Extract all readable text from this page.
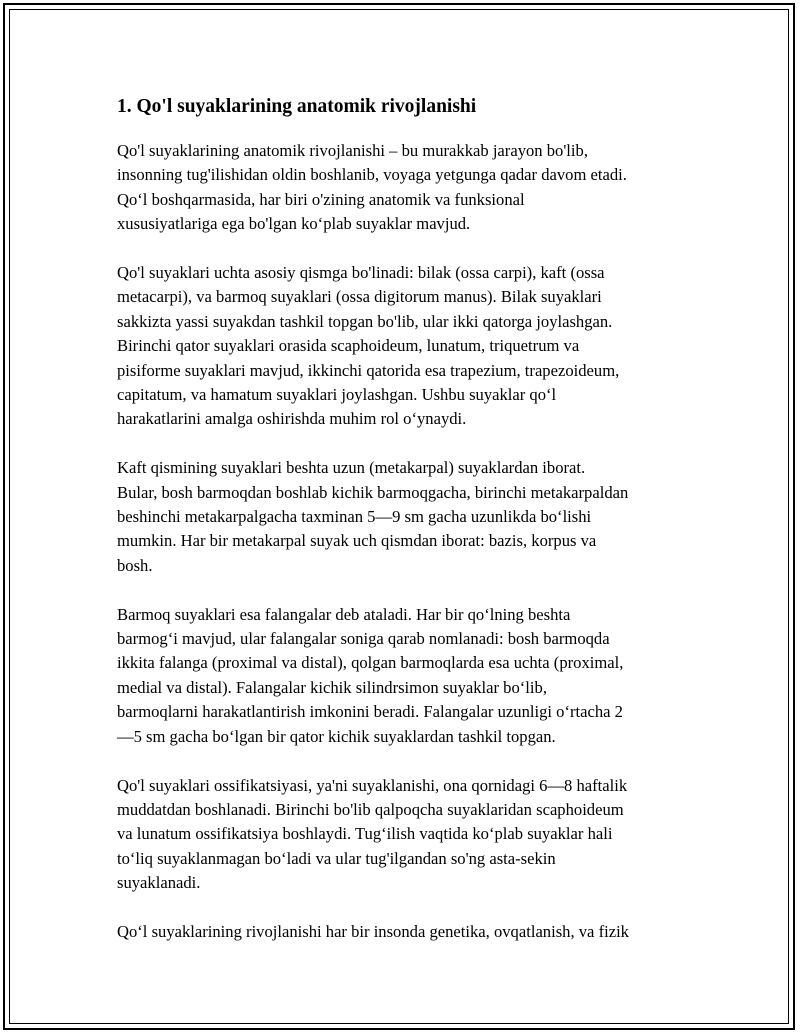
1. Qo'l suyaklarining anatomik rivojlanishi

Qo'l suyaklarining anatomik rivojlanishi – bu murakkab jarayon bo'lib,
insonning tug'ilishidan oldin boshlanib, voyaga yetgunga qadar davom etadi.
Qo‘l boshqarmasida, har biri o'zining anatomik va funksional
xususiyatlariga ega bo'lgan ko‘plab suyaklar mavjud.

Qo'l suyaklari uchta asosiy qismga bo'linadi: bilak (ossa carpi), kaft (ossa
metacarpi), va barmoq suyaklari (ossa digitorum manus). Bilak suyaklari
sakkizta yassi suyakdan tashkil topgan bo'lib, ular ikki qatorga joylashgan.
Birinchi qator suyaklari orasida scaphoideum, lunatum, triquetrum va
pisiforme suyaklari mavjud, ikkinchi qatorida esa trapezium, trapezoideum,
capitatum, va hamatum suyaklari joylashgan. Ushbu suyaklar qo‘l
harakatlarini amalga oshirishda muhim rol o‘ynaydi.

Kaft qismining suyaklari beshta uzun (metakarpal) suyaklardan iborat.
Bular, bosh barmoqdan boshlab kichik barmoqgacha, birinchi metakarpaldan
beshinchi metakarpalgacha taxminan 5—9 sm gacha uzunlikda bo‘lishi
mumkin. Har bir metakarpal suyak uch qismdan iborat: bazis, korpus va
bosh.

Barmoq suyaklari esa falangalar deb ataladi. Har bir qo‘lning beshta
barmog‘i mavjud, ular falangalar soniga qarab nomlanadi: bosh barmoqda
ikkita falanga (proximal va distal), qolgan barmoqlarda esa uchta (proximal,
medial va distal). Falangalar kichik silindrsimon suyaklar bo‘lib,
barmoqlarni harakatlantirish imkonini beradi. Falangalar uzunligi o‘rtacha 2
—5 sm gacha bo‘lgan bir qator kichik suyaklardan tashkil topgan.

Qo'l suyaklari ossifikatsiyasi, ya'ni suyaklanishi, ona qornidagi 6—8 haftalik
muddatdan boshlanadi. Birinchi bo'lib qalpoqcha suyaklaridan scaphoideum
va lunatum ossifikatsiya boshlaydi. Tug‘ilish vaqtida ko‘plab suyaklar hali
to‘liq suyaklanmagan bo‘ladi va ular tug'ilgandan so'ng asta-sekin
suyaklanadi.

Qo‘l suyaklarining rivojlanishi har bir insonda genetika, ovqatlanish, va fizik
